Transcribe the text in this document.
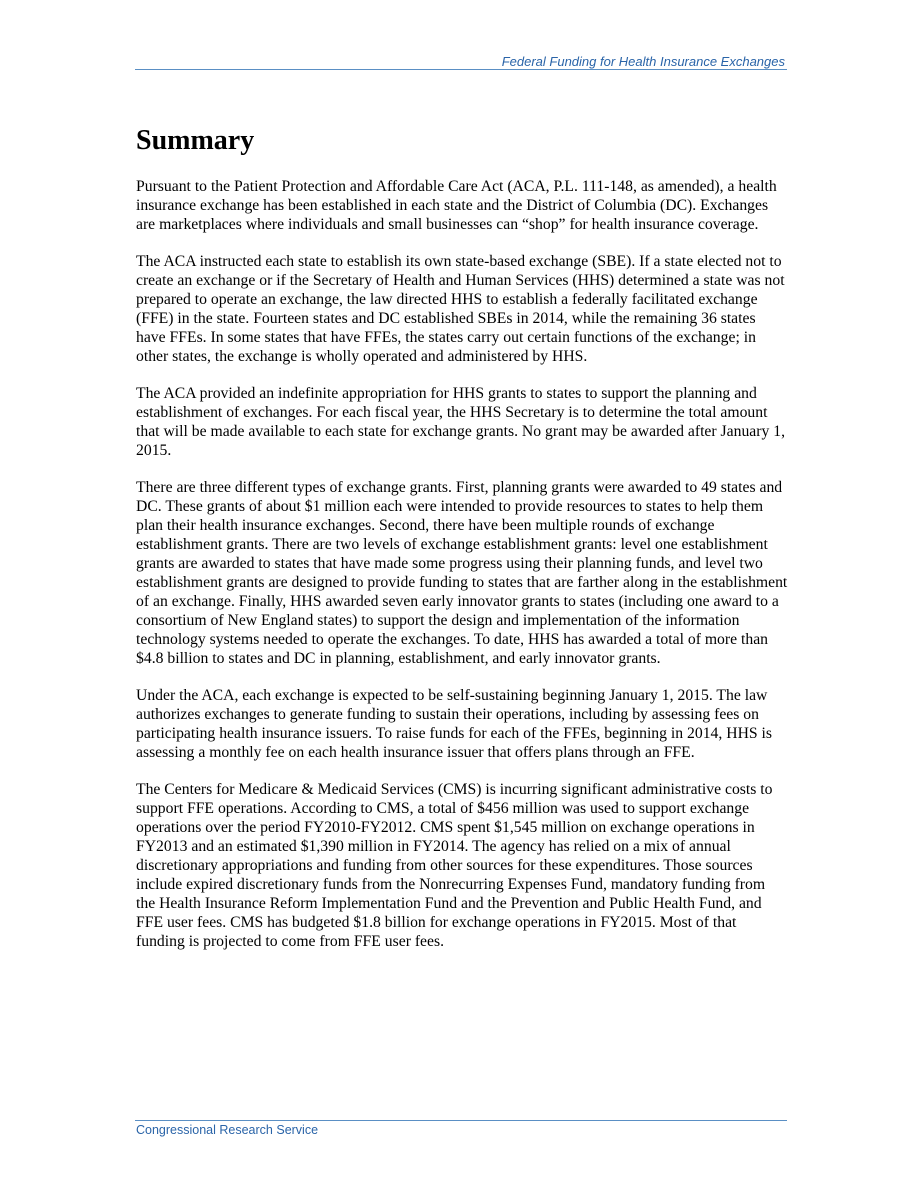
Federal Funding for Health Insurance Exchanges
Summary

Pursuant to the Patient Protection and Affordable Care Act (ACA, P.L. 111-148, as amended), a health insurance exchange has been established in each state and the District of Columbia (DC). Exchanges are marketplaces where individuals and small businesses can “shop” for health insurance coverage.

The ACA instructed each state to establish its own state-based exchange (SBE). If a state elected not to create an exchange or if the Secretary of Health and Human Services (HHS) determined a state was not prepared to operate an exchange, the law directed HHS to establish a federally facilitated exchange (FFE) in the state. Fourteen states and DC established SBEs in 2014, while the remaining 36 states have FFEs. In some states that have FFEs, the states carry out certain functions of the exchange; in other states, the exchange is wholly operated and administered by HHS.

The ACA provided an indefinite appropriation for HHS grants to states to support the planning and establishment of exchanges. For each fiscal year, the HHS Secretary is to determine the total amount that will be made available to each state for exchange grants. No grant may be awarded after January 1, 2015.

There are three different types of exchange grants. First, planning grants were awarded to 49 states and DC. These grants of about $1 million each were intended to provide resources to states to help them plan their health insurance exchanges. Second, there have been multiple rounds of exchange establishment grants. There are two levels of exchange establishment grants: level one establishment grants are awarded to states that have made some progress using their planning funds, and level two establishment grants are designed to provide funding to states that are farther along in the establishment of an exchange. Finally, HHS awarded seven early innovator grants to states (including one award to a consortium of New England states) to support the design and implementation of the information technology systems needed to operate the exchanges. To date, HHS has awarded a total of more than $4.8 billion to states and DC in planning, establishment, and early innovator grants.

Under the ACA, each exchange is expected to be self-sustaining beginning January 1, 2015. The law authorizes exchanges to generate funding to sustain their operations, including by assessing fees on participating health insurance issuers. To raise funds for each of the FFEs, beginning in 2014, HHS is assessing a monthly fee on each health insurance issuer that offers plans through an FFE.

The Centers for Medicare & Medicaid Services (CMS) is incurring significant administrative costs to support FFE operations. According to CMS, a total of $456 million was used to support exchange operations over the period FY2010-FY2012. CMS spent $1,545 million on exchange operations in FY2013 and an estimated $1,390 million in FY2014. The agency has relied on a mix of annual discretionary appropriations and funding from other sources for these expenditures. Those sources include expired discretionary funds from the Nonrecurring Expenses Fund, mandatory funding from the Health Insurance Reform Implementation Fund and the Prevention and Public Health Fund, and FFE user fees. CMS has budgeted $1.8 billion for exchange operations in FY2015. Most of that funding is projected to come from FFE user fees.

Congressional Research Service
